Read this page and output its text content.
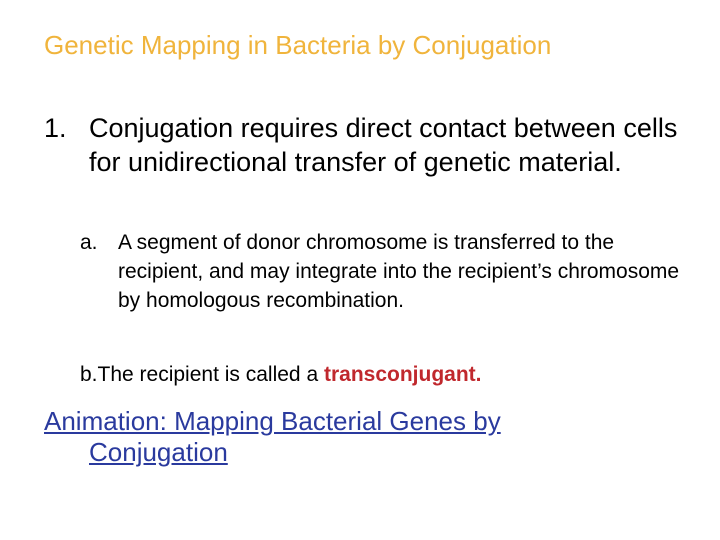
Genetic Mapping in Bacteria by Conjugation
1. Conjugation requires direct contact between cells for unidirectional transfer of genetic material.
a. A segment of donor chromosome is transferred to the recipient, and may integrate into the recipient’s chromosome by homologous recombination.
b.The recipient is called a transconjugant.
Animation: Mapping Bacterial Genes by
Conjugation
